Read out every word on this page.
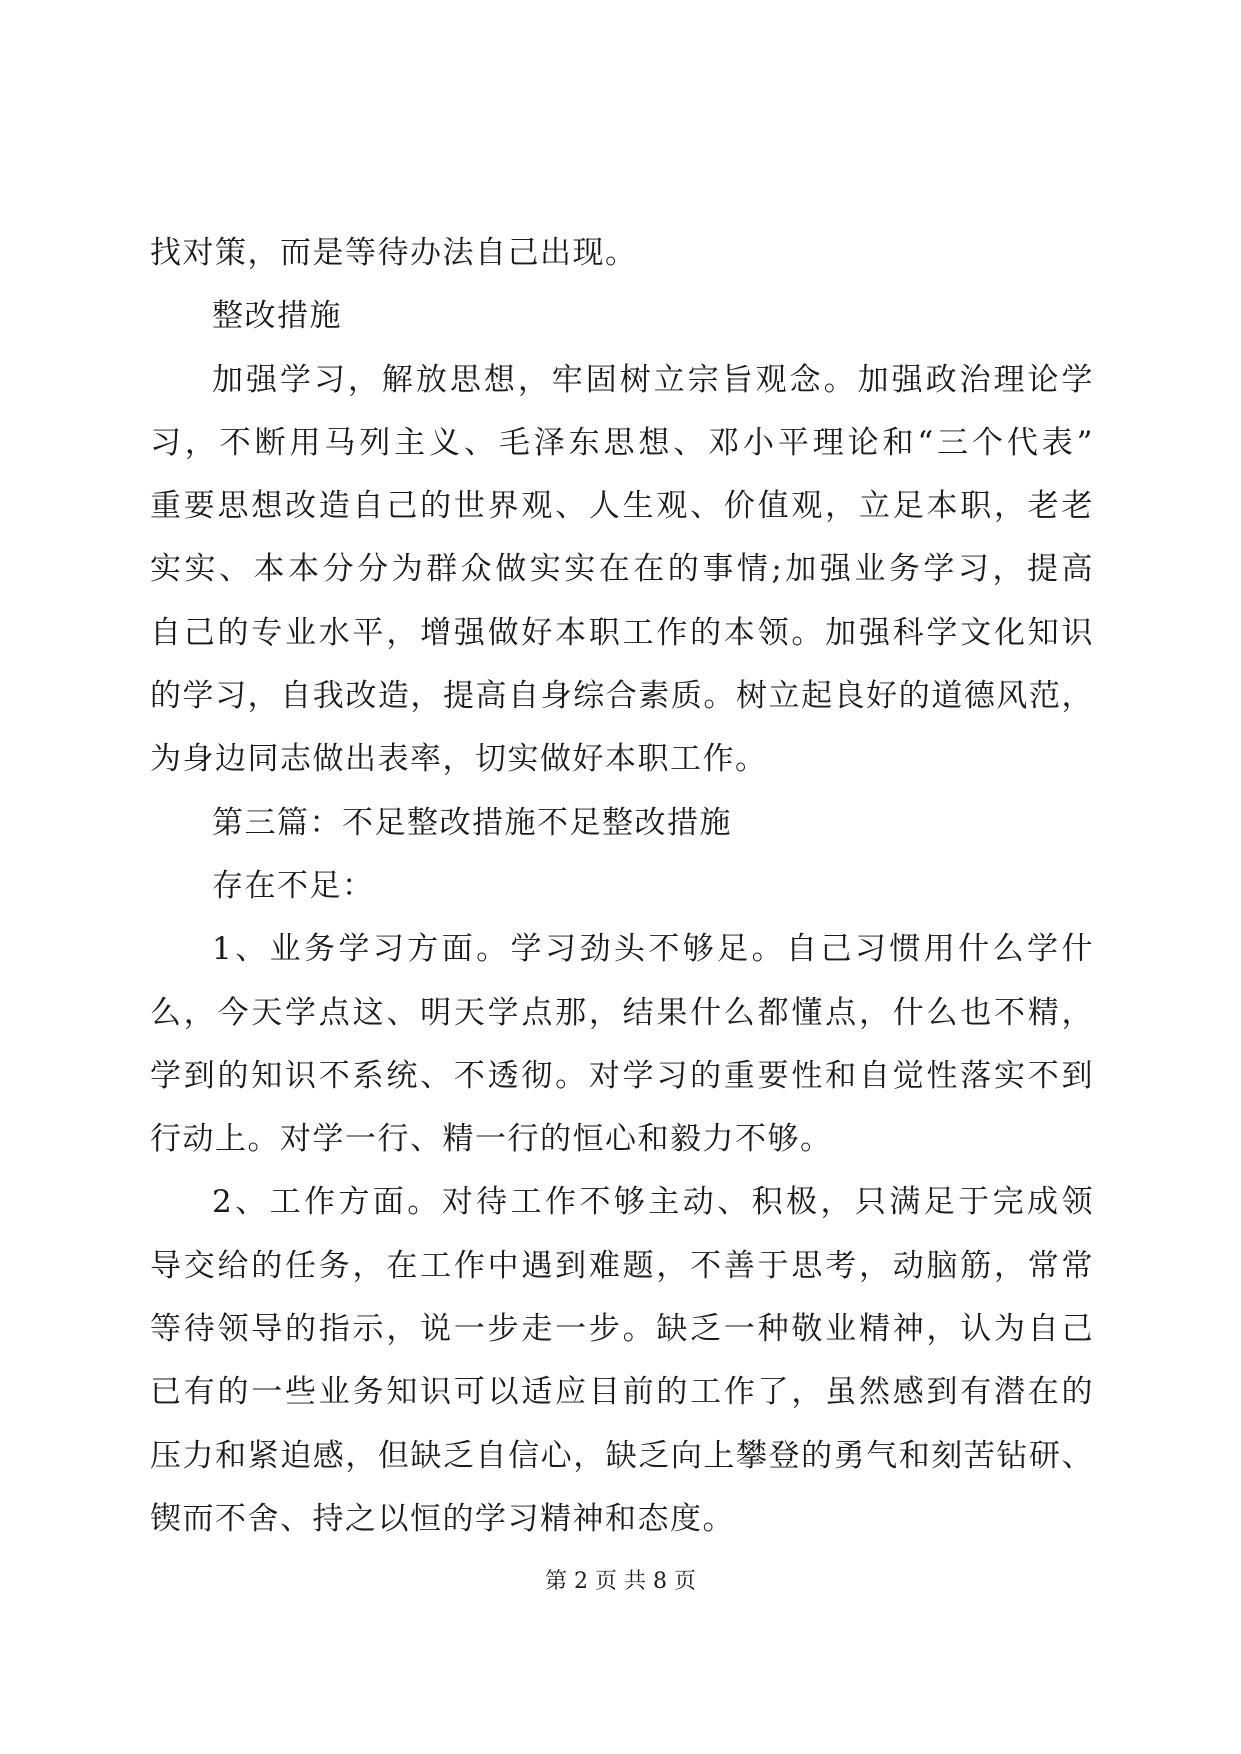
找对策，而是等待办法自己出现。
整改措施
加强学习，解放思想，牢固树立宗旨观念。加强政治理论学
习，不断用马列主义、毛泽东思想、邓小平理论和“三个代表”
重要思想改造自己的世界观、人生观、价值观，立足本职，老老
实实、本本分分为群众做实实在在的事情;加强业务学习，提高
自己的专业水平，增强做好本职工作的本领。加强科学文化知识
的学习，自我改造，提高自身综合素质。树立起良好的道德风范，
为身边同志做出表率，切实做好本职工作。
第三篇：不足整改措施不足整改措施
存在不足：
1、业务学习方面。学习劲头不够足。自己习惯用什么学什
么，今天学点这、明天学点那，结果什么都懂点，什么也不精，
学到的知识不系统、不透彻。对学习的重要性和自觉性落实不到
行动上。对学一行、精一行的恒心和毅力不够。
2、工作方面。对待工作不够主动、积极，只满足于完成领
导交给的任务，在工作中遇到难题，不善于思考，动脑筋，常常
等待领导的指示，说一步走一步。缺乏一种敬业精神，认为自己
已有的一些业务知识可以适应目前的工作了，虽然感到有潜在的
压力和紧迫感，但缺乏自信心，缺乏向上攀登的勇气和刻苦钻研、
锲而不舍、持之以恒的学习精神和态度。
第 2 页 共 8 页
